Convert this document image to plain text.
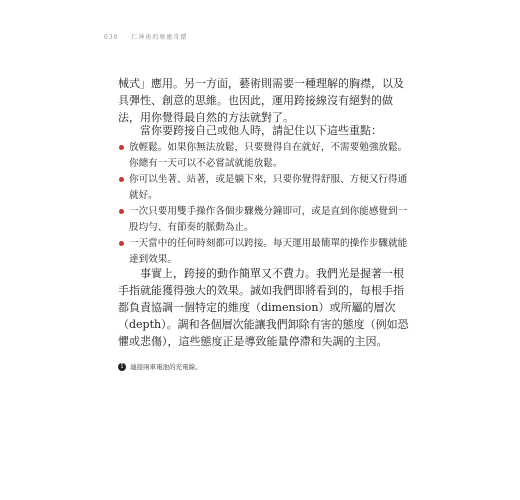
030 仁神術的療癒奇蹟

械式」應用。另一方面，藝術則需要一種理解的胸襟，以及具彈性、創意的思維。也因此，運用跨接線沒有絕對的做法，用你覺得最自然的方法就對了。

當你要跨接自己或他人時，請記住以下這些重點：
放輕鬆。如果你無法放鬆，只要覺得自在就好，不需要勉強放鬆。你總有一天可以不必嘗試就能放鬆。
你可以坐著、站著，或是躺下來，只要你覺得舒服、方便又行得通就好。
一次只要用雙手操作各個步驟幾分鐘即可，或是直到你能感覺到一股均勻、有節奏的脈動為止。
一天當中的任何時刻都可以跨接。每天運用最簡單的操作步驟就能達到效果。

事實上，跨接的動作簡單又不費力。我們光是握著一根手指就能獲得強大的效果。誠如我們即將看到的，每根手指都負責協調一個特定的維度（dimension）或所屬的層次（depth）。調和各個層次能讓我們卸除有害的態度（例如恐懼或悲傷），這些態度正是導致能量停滯和失調的主因。

1 連接兩車電池的充電線。
